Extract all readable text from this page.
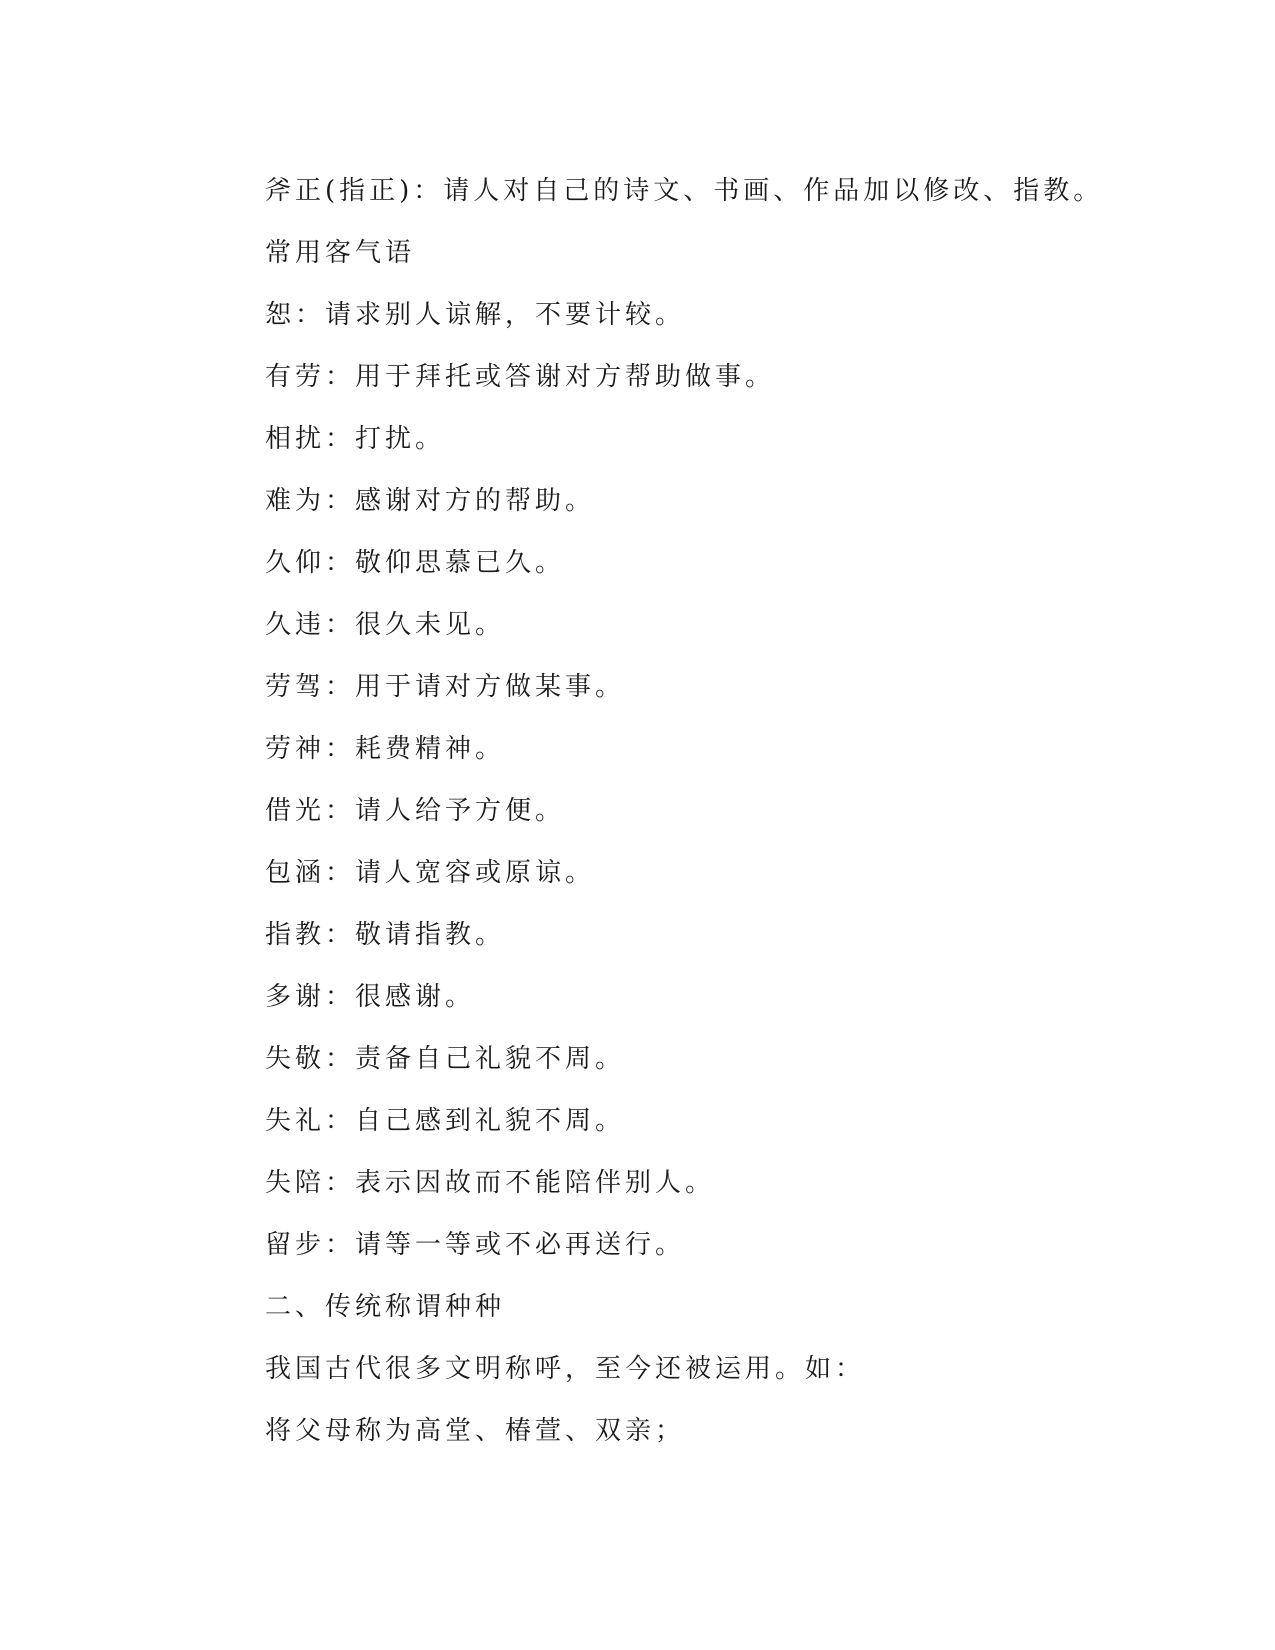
斧正(指正)：请人对自己的诗文、书画、作品加以修改、指教。
常用客气语
恕：请求别人谅解，不要计较。
有劳：用于拜托或答谢对方帮助做事。
相扰：打扰。
难为：感谢对方的帮助。
久仰：敬仰思慕已久。
久违：很久未见。
劳驾：用于请对方做某事。
劳神：耗费精神。
借光：请人给予方便。
包涵：请人宽容或原谅。
指教：敬请指教。
多谢：很感谢。
失敬：责备自己礼貌不周。
失礼：自己感到礼貌不周。
失陪：表示因故而不能陪伴别人。
留步：请等一等或不必再送行。
二、传统称谓种种
我国古代很多文明称呼，至今还被运用。如：
将父母称为高堂、椿萱、双亲；
